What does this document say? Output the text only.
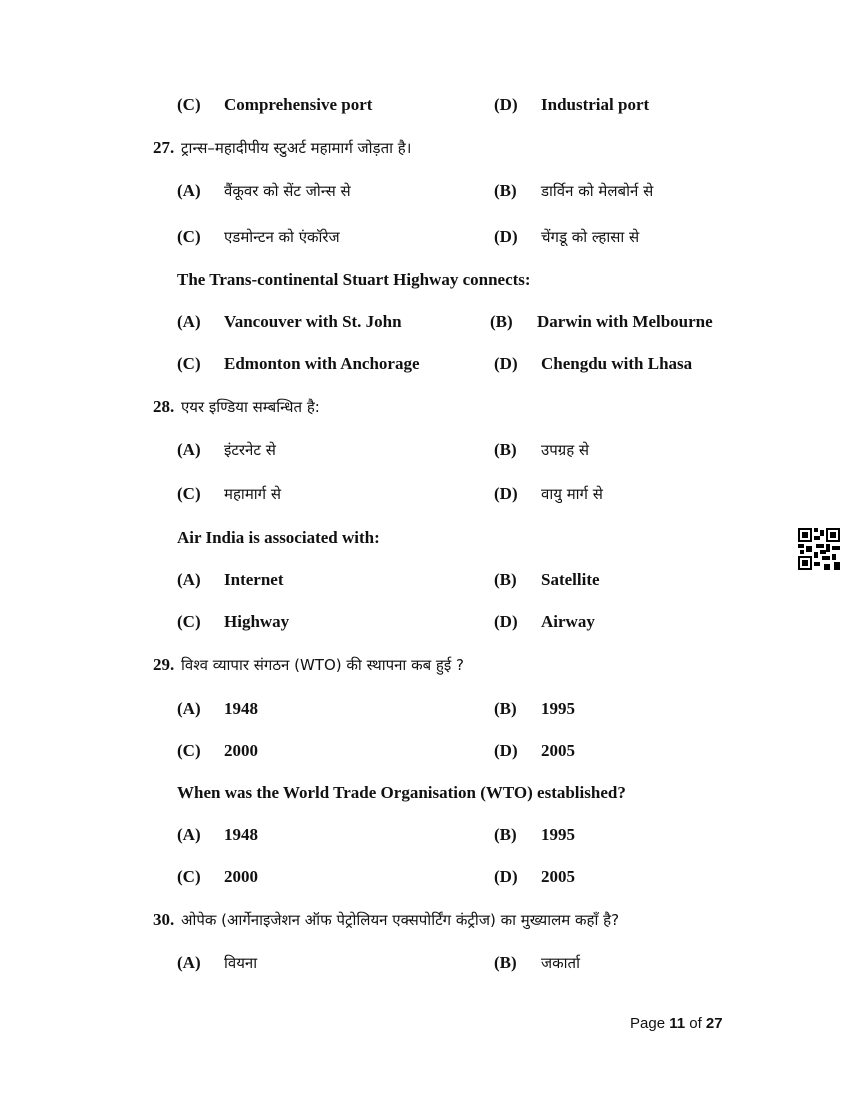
(C) Comprehensive port	(D) Industrial port
27. ट्रान्स–महादीपीय स्टुअर्ट महामार्ग जोड़ता है।
(A) वैंकूवर को सेंट जोन्स से	(B) डार्विन को मेलबोर्न से
(C) एडमोन्टन को एंकॉरेज	(D) चेंगडू को ल्हासा से
The Trans-continental Stuart Highway connects:
(A) Vancouver with St. John	(B) Darwin with Melbourne
(C) Edmonton with Anchorage	(D) Chengdu with Lhasa
28. एयर इण्डिया सम्बन्धित है:
(A) इंटरनेट से	(B) उपग्रह से
(C) महामार्ग से	(D) वायु मार्ग से
Air India is associated with:
(A) Internet	(B) Satellite
(C) Highway	(D) Airway
29. विश्व व्यापार संगठन (WTO) की स्थापना कब हुई ?
(A) 1948	(B) 1995
(C) 2000	(D) 2005
When was the World Trade Organisation (WTO) established?
(A) 1948	(B) 1995
(C) 2000	(D) 2005
30. ओपेक (आर्गेनाइजेशन ऑफ पेट्रोलियन एक्सपोर्टिंग कंट्रीज) का मुख्यालम कहाँ है?
(A) वियना	(B) जकार्ता
Page 11 of 27
